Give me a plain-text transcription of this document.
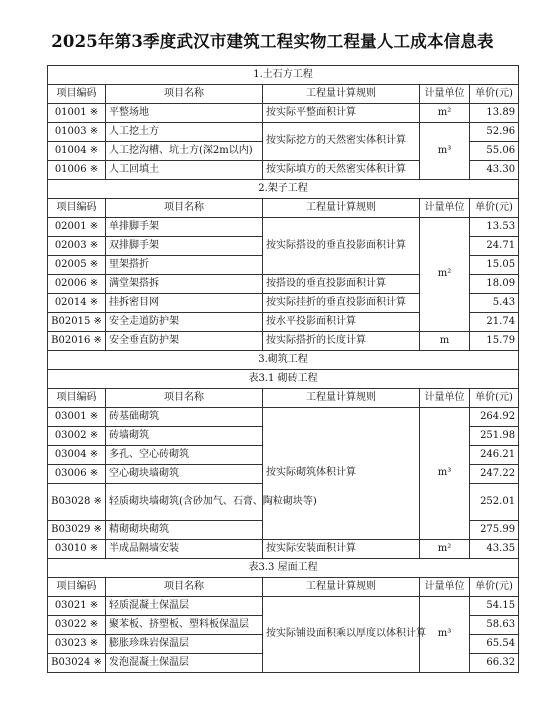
2025年第3季度武汉市建筑工程实物工程量人工成本信息表
1.土石方工程				
项目编码	项目名称	工程量计算规则	计量单位	单价(元)
01001 ※	平整场地	按实际平整面积计算	m²	13.89
01003 ※	人工挖土方	按实际挖方的天然密实体积计算	m³	52.96
01004 ※	人工挖沟槽、坑土方(深2m以内)			55.06
01006 ※	人工回填土	按实际填方的天然密实体积计算		43.30
2.架子工程				
项目编码	项目名称	工程量计算规则	计量单位	单价(元)
02001 ※	单排脚手架	按实际搭设的垂直投影面积计算	m²	13.53
02003 ※	双排脚手架			24.71
02005 ※	里架搭折			15.05
02006 ※	满堂架搭拆	按搭设的垂直投影面积计算		18.09
02014 ※	挂拆密目网	按实际挂折的垂直投影面积计算		5.43
B02015 ※	安全走道防护架	按水平投影面积计算		21.74
B02016 ※	安全垂直防护架	按实际搭折的长度计算	m	15.79
3.砌筑工程				
表3.1 砌砖工程				
项目编码	项目名称	工程量计算规则	计量单位	单价(元)
03001 ※	砖基础砌筑	按实际砌筑体积计算	m³	264.92
03002 ※	砖墙砌筑			251.98
03004 ※	多孔、空心砖砌筑			246.21
03006 ※	空心砌块墙砌筑			247.22
B03028 ※	轻质砌块墙砌筑(含砂加气、石膏、陶粒砌块等)			252.01
B03029 ※	精砌砌块砌筑			275.99
03010 ※	半成品隔墙安装	按实际安装面积计算	m²	43.35
表3.3 屋面工程				
项目编码	项目名称	工程量计算规则	计量单位	单价(元)
03021 ※	轻质混凝土保温层	按实际铺设面积乘以厚度以体积计算	m³	54.15
03022 ※	聚苯板、挤塑板、塑料板保温层			58.63
03023 ※	膨胀珍珠岩保温层			65.54
B03024 ※	发泡混凝土保温层			66.32
